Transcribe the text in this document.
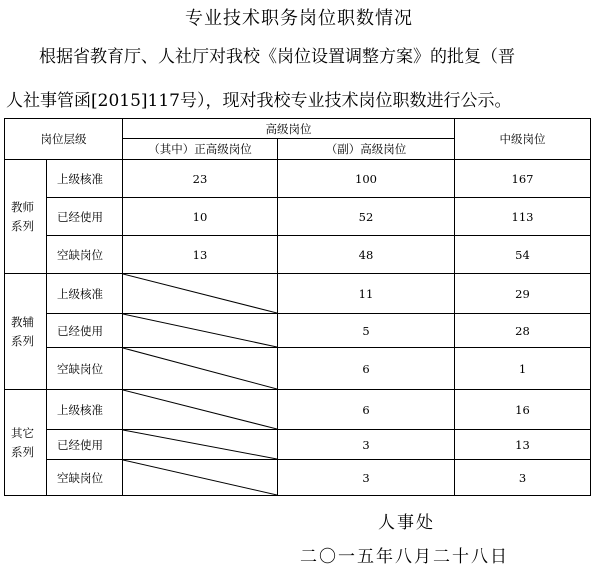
专业技术职务岗位职数情况
根据省教育厅、人社厅对我校《岗位设置调整方案》的批复（晋
人社事管函[2015]117号），现对我校专业技术岗位职数进行公示。
岗位层级		高级岗位		中级岗位
		（其中）正高级岗位	（副）高级岗位	
教师
系列	上级核准	23	100	167
	已经使用	10	52	113
	空缺岗位	13	48	54
教辅
系列	上级核准		11	29
	已经使用		5	28
	空缺岗位		6	1
其它
系列	上级核准		6	16
	已经使用		3	13
	空缺岗位		3	3
人事处
二〇一五年八月二十八日
